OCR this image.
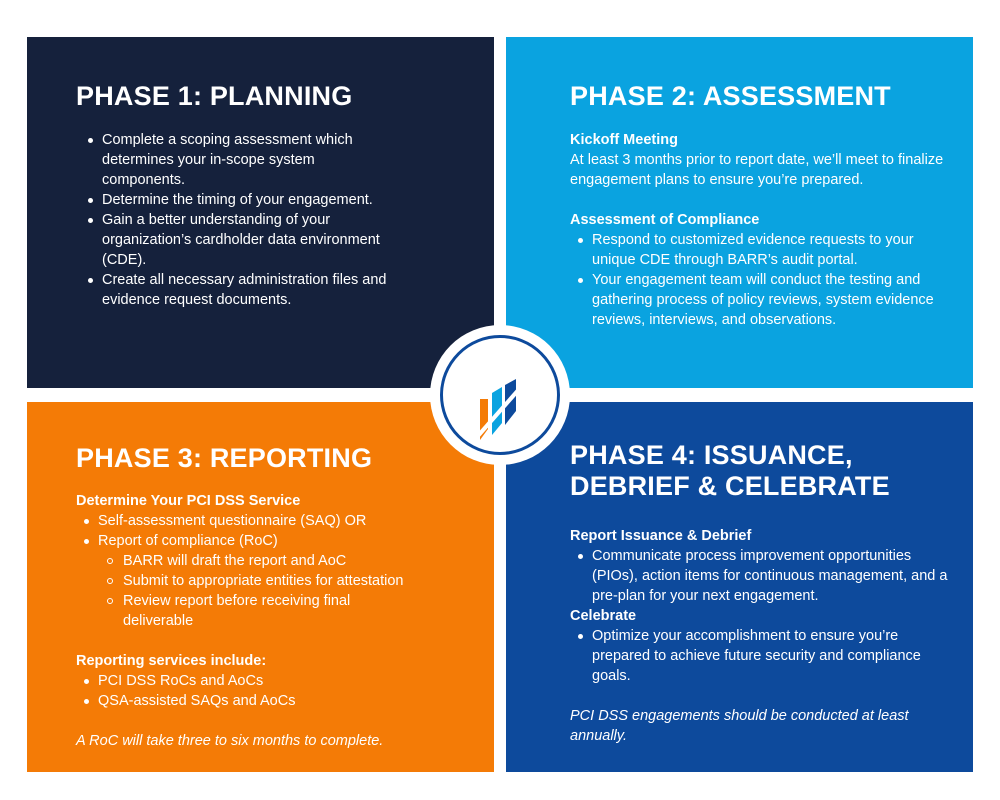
PHASE 1: PLANNING
Complete a scoping assessment which determines your in-scope system components.
Determine the timing of your engagement.
Gain a better understanding of your organization’s cardholder data environment (CDE).
Create all necessary administration files and evidence request documents.
PHASE 2: ASSESSMENT

Kickoff Meeting

At least 3 months prior to report date, we’ll meet to finalize engagement plans to ensure you’re prepared.

Assessment of Compliance

Respond to customized evidence requests to your unique CDE through BARR’s audit portal.
Your engagement team will conduct the testing and gathering process of policy reviews, system evidence reviews, interviews, and observations.
PHASE 3: REPORTING

Determine Your PCI DSS Service

Self-assessment questionnaire (SAQ) OR
Report of compliance (RoC)
BARR will draft the report and AoC
Submit to appropriate entities for attestation
Review report before receiving final deliverable

Reporting services include:

PCI DSS RoCs and AoCs
QSA-assisted SAQs and AoCs

A RoC will take three to six months to complete.

PHASE 4: ISSUANCE,
DEBRIEF & CELEBRATE

Report Issuance & Debrief

Communicate process improvement opportunities (PIOs), action items for continuous management, and a pre-plan for your next engagement.

Celebrate

Optimize your accomplishment to ensure you’re prepared to achieve future security and compliance goals.

PCI DSS engagements should be conducted at least annually.
